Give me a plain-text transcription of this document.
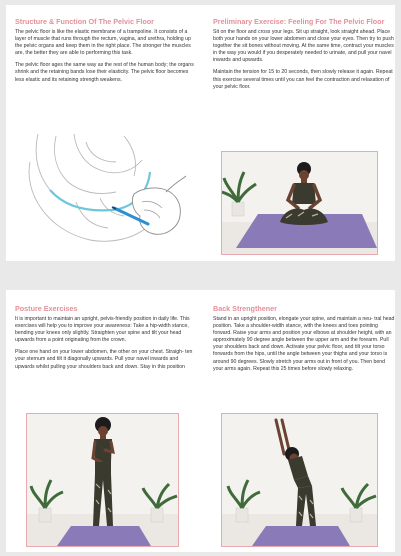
Structure & Function Of The Pelvic Floor

The pelvic floor is like the elastic membrane of a trampoline. It consists of a layer of muscle that runs through the rectum, vagina, and urethra, holding up the pelvic organs and keep them in the right place. The stronger the muscles are, the better they are able to performing this task.

The pelvic floor ages the same way as the rest of the human body; the organs shrink and the retaining bands lose their elasticity. The pelvic floor becomes less elastic and its retaining strength weakens.

Preliminary Exercise: Feeling For The Pelvic Floor

Sit on the floor and cross your legs. Sit up straight, look straight ahead. Place both your hands on your lower abdomen and close your eyes. Then try to push together the sit bones without moving. At the same time, contract your muscles in the way you would if you desperately needed to urinate, and pull your navel inwards and upwards.

Maintain the tension for 15 to 20 seconds, then slowly release it again. Repeat this exercise several times until you can feel the contraction and relaxation of your pelvic floor.

Posture Exercises

It is important to maintain an upright, pelvis-friendly position in daily life. This exercises will help you to improve your awareness: Take a hip-width stance, bending your knees only slightly. Straighten your spine and tilt your head upwards from a point originating from the crown.

Place one hand on your lower abdomen, the other on your chest. Straigh- ten your sternum and tilt it diagonally upwards. Pull your navel inwards and upwards whilst pulling your shoulders back and down. Stay in this position

Back Strengthener

Stand in an upright position, elongate your spine, and maintain a neu- tral head position. Take a shoulder-width stance, with the knees and toes pointing forward. Raise your arms and position your elbows at shoulder height, with an approximately 90 degree angle between the upper arm and the forearm. Pull your shoulders back and down. Activate your pelvic floor, and tilt your torso forwards from the hips, until the angle between your thighs and your torso is around 90 degrees. Slowly stretch your arms out in front of you. Then bend your arms again. Repeat this 25 times before slowly relaxing.
